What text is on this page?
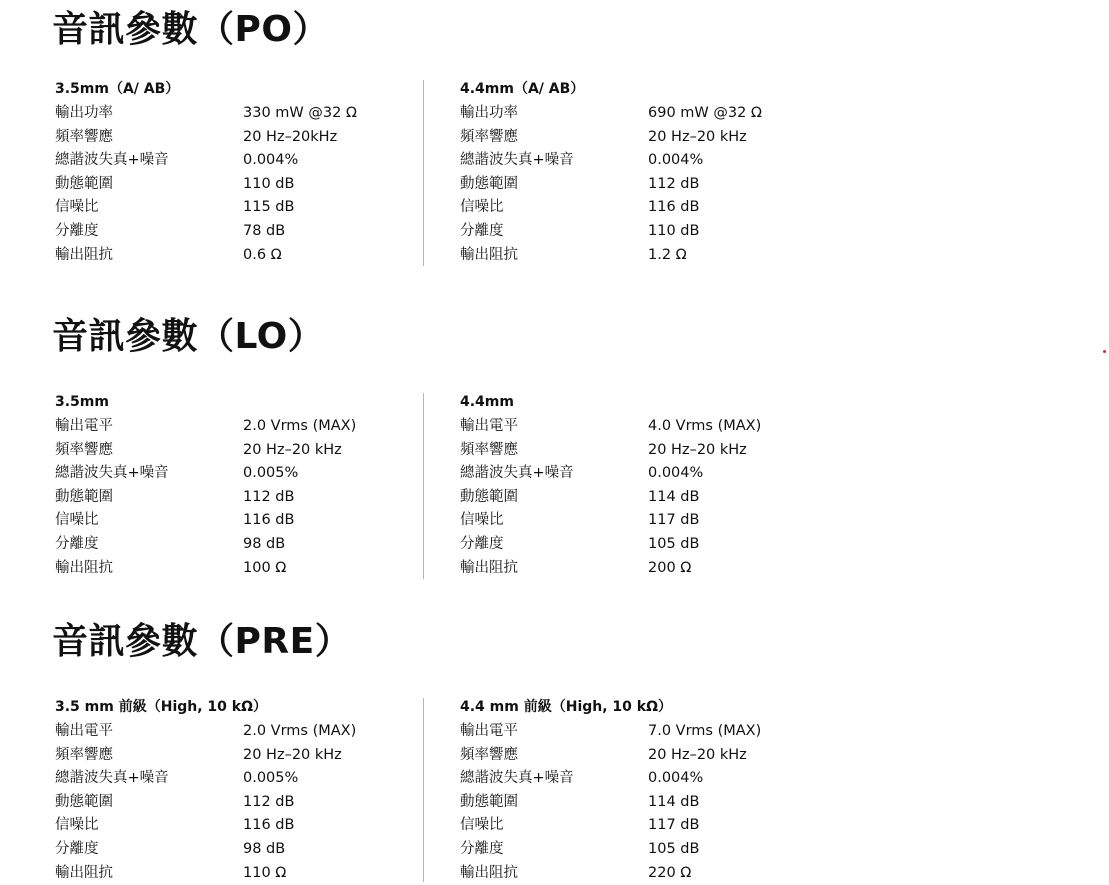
音訊參數（PO）
3.5mm（A/ AB）
輸出功率	330 mW @32 Ω
頻率響應	20 Hz–20kHz
總諧波失真+噪音	0.004%
動態範圍	110 dB
信噪比	115 dB
分離度	78 dB
輸出阻抗	0.6 Ω
4.4mm（A/ AB）
輸出功率	690 mW @32 Ω
頻率響應	20 Hz–20 kHz
總諧波失真+噪音	0.004%
動態範圍	112 dB
信噪比	116 dB
分離度	110 dB
輸出阻抗	1.2 Ω
音訊參數（LO）
3.5mm
輸出電平	2.0 Vrms (MAX)
頻率響應	20 Hz–20 kHz
總諧波失真+噪音	0.005%
動態範圍	112 dB
信噪比	116 dB
分離度	98 dB
輸出阻抗	100 Ω
4.4mm
輸出電平	4.0 Vrms (MAX)
頻率響應	20 Hz–20 kHz
總諧波失真+噪音	0.004%
動態範圍	114 dB
信噪比	117 dB
分離度	105 dB
輸出阻抗	200 Ω
音訊參數（PRE）
3.5 mm 前級（High, 10 kΩ）
輸出電平	2.0 Vrms (MAX)
頻率響應	20 Hz–20 kHz
總諧波失真+噪音	0.005%
動態範圍	112 dB
信噪比	116 dB
分離度	98 dB
輸出阻抗	110 Ω
4.4 mm 前級（High, 10 kΩ）
輸出電平	7.0 Vrms (MAX)
頻率響應	20 Hz–20 kHz
總諧波失真+噪音	0.004%
動態範圍	114 dB
信噪比	117 dB
分離度	105 dB
輸出阻抗	220 Ω
